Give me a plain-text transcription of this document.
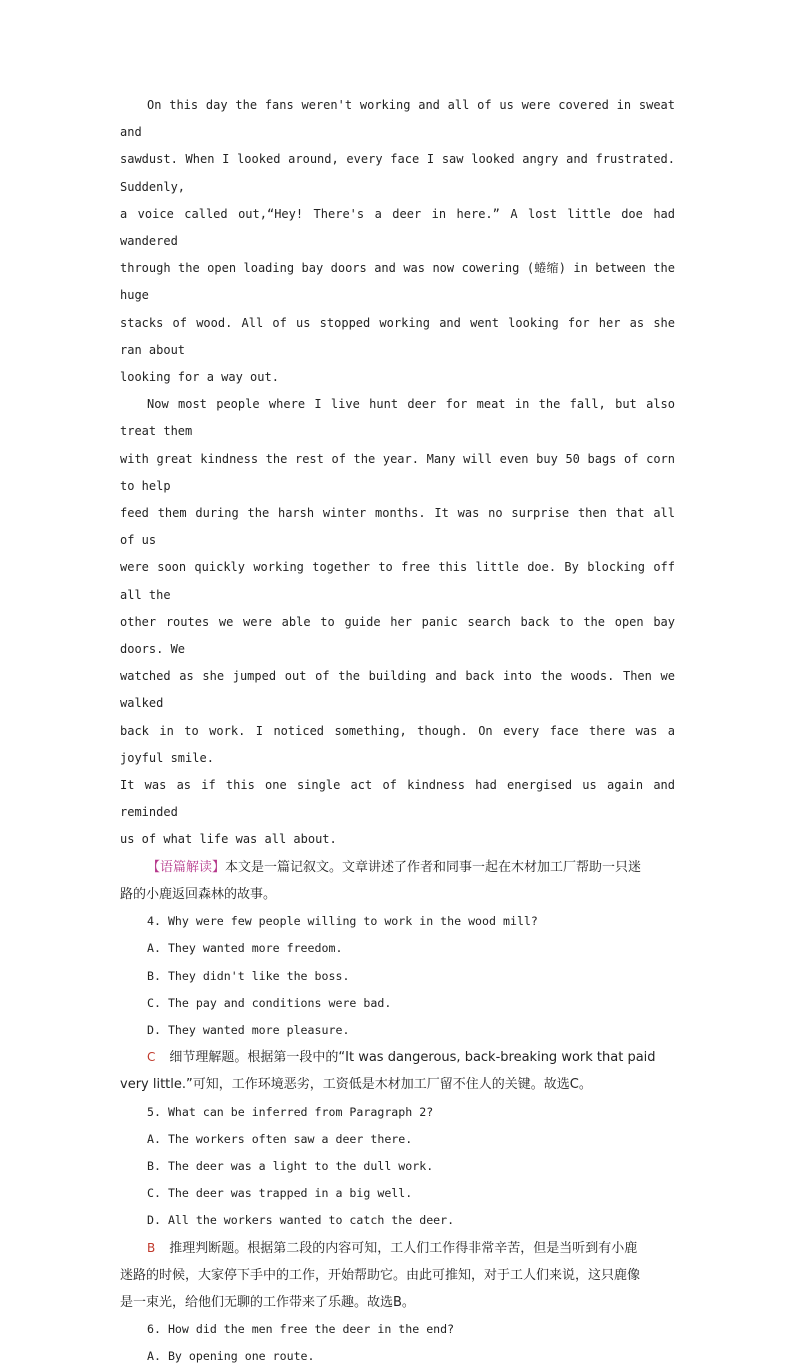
On this day the fans weren't working and all of us were covered in sweat and
sawdust. When I looked around, every face I saw looked angry and frustrated. Suddenly,
a voice called out,“Hey! There's a deer in here.” A lost little doe had wandered
through the open loading bay doors and was now cowering (蜷缩) in between the huge
stacks of wood. All of us stopped working and went looking for her as she ran about
looking for a way out.
Now most people where I live hunt deer for meat in the fall, but also treat them
with great kindness the rest of the year. Many will even buy 50 bags of corn to help
feed them during the harsh winter months. It was no surprise then that all of us
were soon quickly working together to free this little doe. By blocking off all the
other routes we were able to guide her panic search back to the open bay doors. We
watched as she jumped out of the building and back into the woods. Then we walked
back in to work. I noticed something, though. On every face there was a joyful smile.
It was as if this one single act of kindness had energised us again and reminded
us of what life was all about.
【语篇解读】本文是一篇记叙文。文章讲述了作者和同事一起在木材加工厂帮助一只迷
路的小鹿返回森林的故事。

4. Why were few people willing to work in the wood mill?

A. They wanted more freedom.

B. They didn't like the boss.

C. The pay and conditions were bad.

D. They wanted more pleasure.

C 细节理解题。根据第一段中的“It was dangerous, back-breaking work that paid
very little.”可知，工作环境恶劣，工资低是木材加工厂留不住人的关键。故选C。

5. What can be inferred from Paragraph 2?

A. The workers often saw a deer there.

B. The deer was a light to the dull work.

C. The deer was trapped in a big well.

D. All the workers wanted to catch the deer.

B 推理判断题。根据第二段的内容可知，工人们工作得非常辛苦，但是当听到有小鹿
迷路的时候，大家停下手中的工作，开始帮助它。由此可推知，对于工人们来说，这只鹿像
是一束光，给他们无聊的工作带来了乐趣。故选B。

6. How did the men free the deer in the end?

A. By opening one route.
